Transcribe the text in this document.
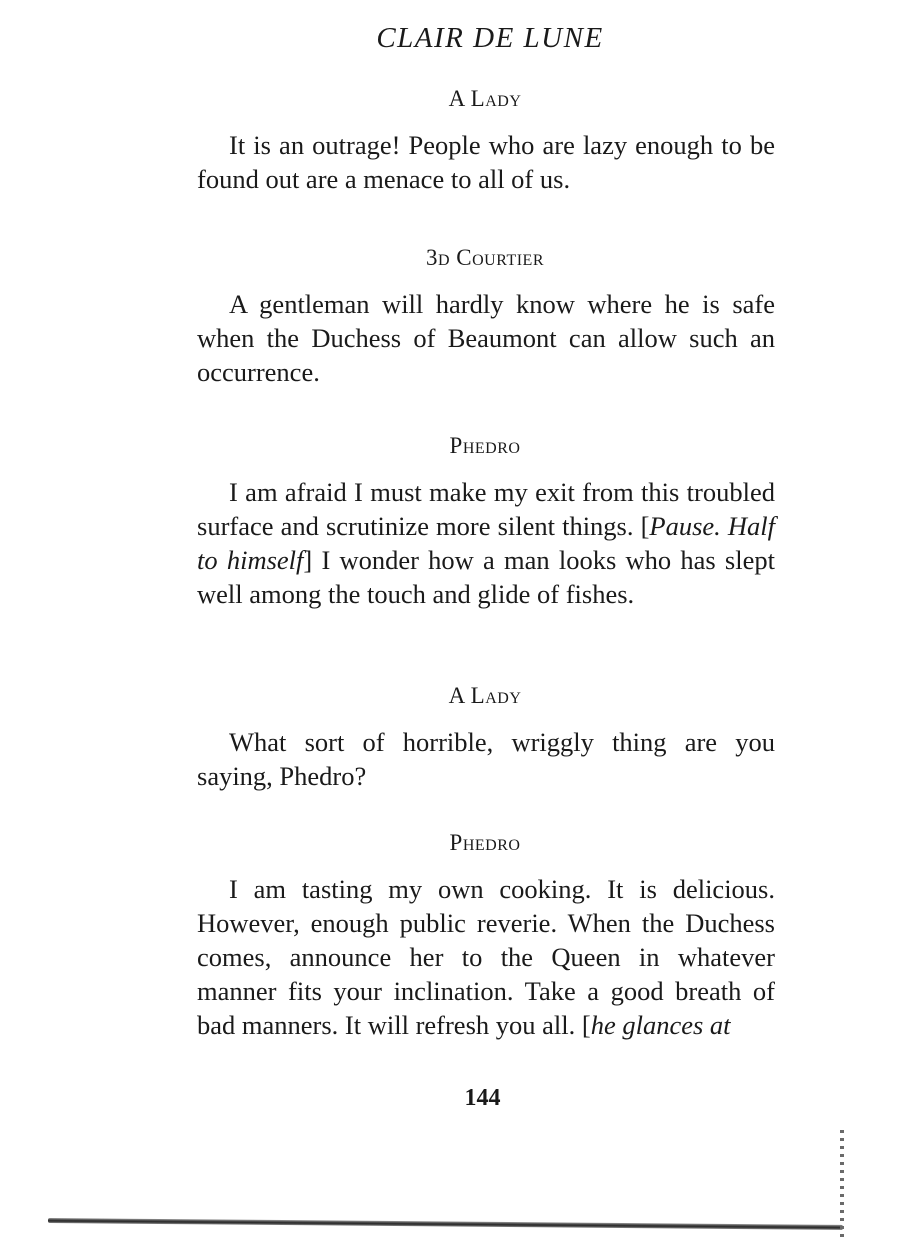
CLAIR DE LUNE
A Lady

It is an outrage! People who are lazy enough to be found out are a menace to all of us.

3d Courtier

A gentleman will hardly know where he is safe when the Duchess of Beaumont can allow such an occurrence.

Phedro

I am afraid I must make my exit from this troubled surface and scrutinize more silent things. [Pause. Half to himself] I wonder how a man looks who has slept well among the touch and glide of fishes.

A Lady

What sort of horrible, wriggly thing are you saying, Phedro?

Phedro

I am tasting my own cooking. It is delicious. However, enough public reverie. When the Duchess comes, announce her to the Queen in whatever manner fits your inclination. Take a good breath of bad manners. It will refresh you all. [he glances at

144
